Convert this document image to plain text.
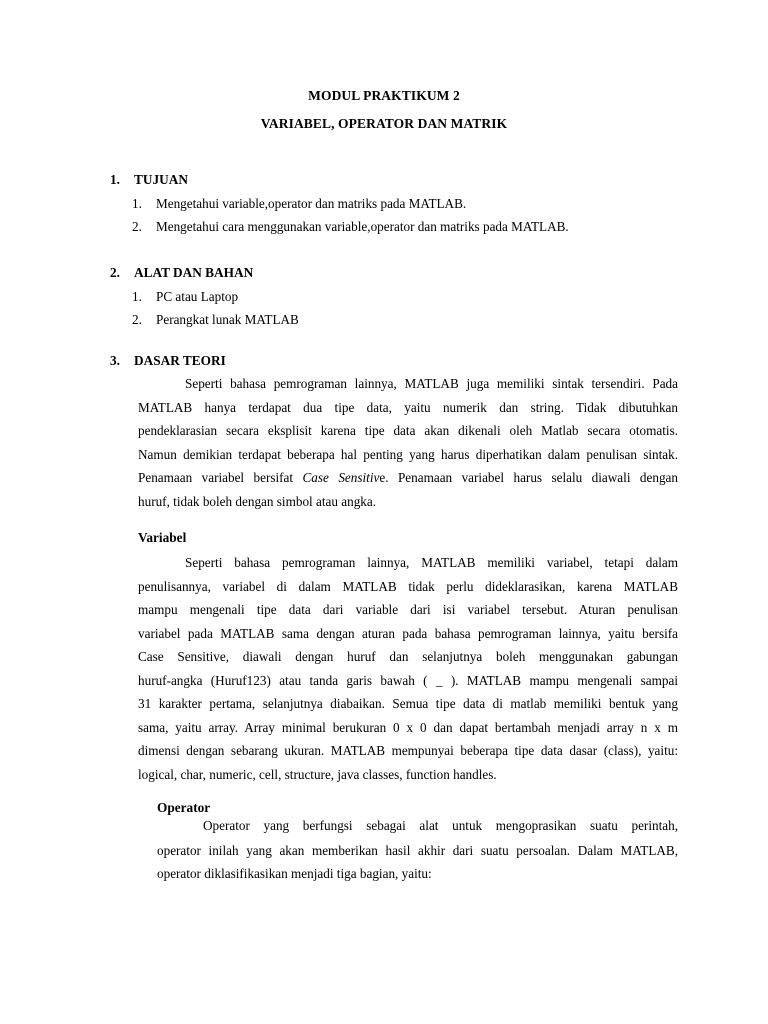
MODUL PRAKTIKUM 2
VARIABEL, OPERATOR DAN MATRIK
1. TUJUAN
1. Mengetahui variable,operator dan matriks pada MATLAB.
2. Mengetahui cara menggunakan variable,operator dan matriks pada MATLAB.
2. ALAT DAN BAHAN
1. PC atau Laptop
2. Perangkat lunak MATLAB
3. DASAR TEORI

Seperti bahasa pemrograman lainnya, MATLAB juga memiliki sintak tersendiri. Pada

MATLAB hanya terdapat dua tipe data, yaitu numerik dan string. Tidak dibutuhkan

pendeklarasian secara eksplisit karena tipe data akan dikenali oleh Matlab secara otomatis.

Namun demikian terdapat beberapa hal penting yang harus diperhatikan dalam penulisan sintak.

Penamaan variabel bersifat Case Sensitive. Penamaan variabel harus selalu diawali dengan

huruf, tidak boleh dengan simbol atau angka.

Variabel

Seperti bahasa pemrograman lainnya, MATLAB memiliki variabel, tetapi dalam

penulisannya, variabel di dalam MATLAB tidak perlu dideklarasikan, karena MATLAB

mampu mengenali tipe data dari variable dari isi variabel tersebut. Aturan penulisan

variabel pada MATLAB sama dengan aturan pada bahasa pemrograman lainnya, yaitu bersifa

Case Sensitive, diawali dengan huruf dan selanjutnya boleh menggunakan gabungan

huruf-angka (Huruf123) atau tanda garis bawah ( _ ). MATLAB mampu mengenali sampai

31 karakter pertama, selanjutnya diabaikan. Semua tipe data di matlab memiliki bentuk yang

sama, yaitu array. Array minimal berukuran 0 x 0 dan dapat bertambah menjadi array n x m

dimensi dengan sebarang ukuran. MATLAB mempunyai beberapa tipe data dasar (class), yaitu:

logical, char, numeric, cell, structure, java classes, function handles.

Operator

Operator yang berfungsi sebagai alat untuk mengoprasikan suatu perintah,

operator inilah yang akan memberikan hasil akhir dari suatu persoalan. Dalam MATLAB,

operator diklasifikasikan menjadi tiga bagian, yaitu:
